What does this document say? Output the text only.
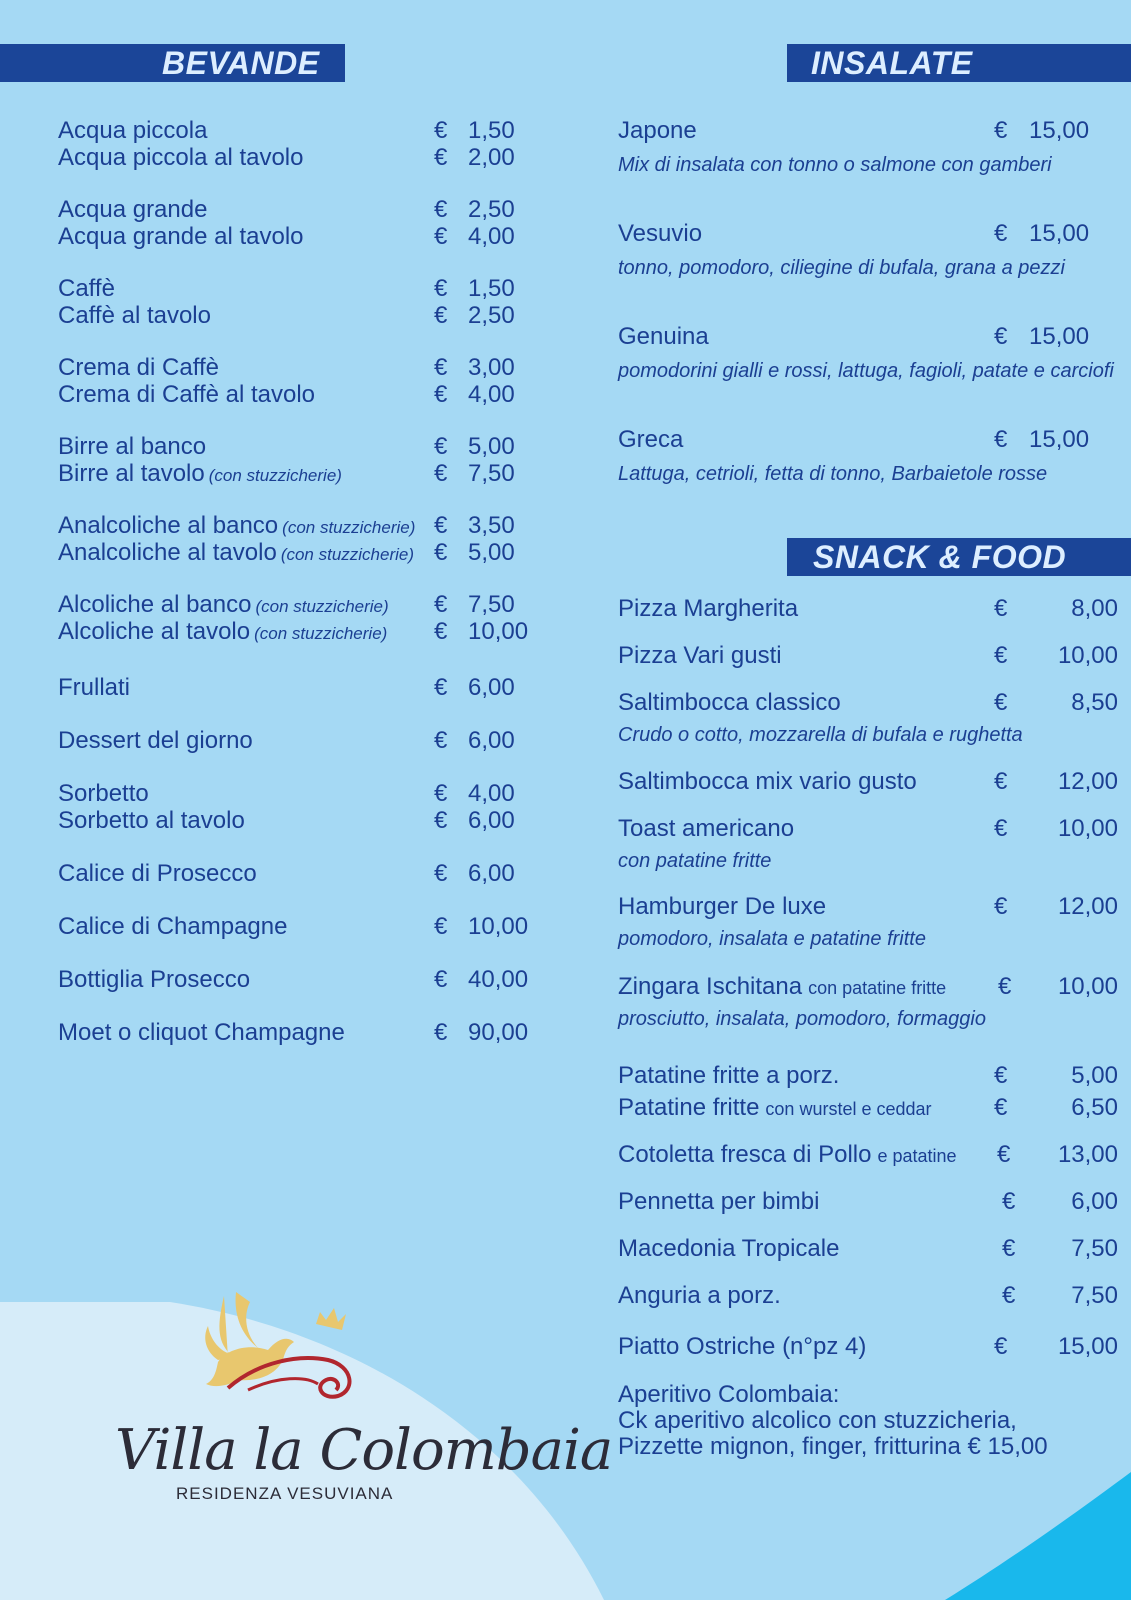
BEVANDE	INSALATE
SNACK & FOOD
Acqua piccola	€ 1,50
Acqua piccola al tavolo	€ 2,00
Acqua grande	€ 2,50
Acqua grande al tavolo	€ 4,00
Caffè	€ 1,50
Caffè al tavolo	€ 2,50
Crema di Caffè	€ 3,00
Crema di Caffè al tavolo	€ 4,00
Birre al banco	€ 5,00
Birre al tavolo (con stuzzicherie)	€ 7,50
Analcoliche al banco (con stuzzicherie) € 3,50
Analcoliche al tavolo (con stuzzicherie) € 5,00
Alcoliche al banco (con stuzzicherie) € 7,50
Alcoliche al tavolo (con stuzzicherie) € 10,00
Frullati	€ 6,00
Dessert del giorno	€ 6,00
Sorbetto	€ 4,00
Sorbetto al tavolo	€ 6,00
Calice di Prosecco	€ 6,00
Calice di Champagne	€ 10,00
Bottiglia Prosecco	€ 40,00
Moet o cliquot Champagne	€ 90,00
Japone	€ 15,00
Mix di insalata con tonno o salmone con gamberi
Vesuvio	€ 15,00
tonno, pomodoro, ciliegine di bufala, grana a pezzi
Genuina	€ 15,00
pomodorini gialli e rossi, lattuga, fagioli, patate e carciofi
Greca	€ 15,00
Lattuga, cetrioli, fetta di tonno, Barbaietole rosse
Pizza Margherita	€	8,00
Pizza Vari gusti	€	10,00
Saltimbocca classico	€	8,50
Crudo o cotto, mozzarella di bufala e rughetta
Saltimbocca mix vario gusto	€	12,00
Toast americano	€	10,00
con patatine fritte
Hamburger De luxe	€	12,00
pomodoro, insalata e patatine fritte
Zingara Ischitana con patatine fritte €	10,00
prosciutto, insalata, pomodoro, formaggio
Patatine fritte a porz.	€	5,00
Patatine fritte con wurstel e ceddar	€	6,50
Cotoletta fresca di Pollo e patatine €	13,00
Pennetta per bimbi	€	6,00
Macedonia Tropicale	€	7,50
Anguria a porz.	€	7,50
Piatto Ostriche (n°pz 4)	€	15,00
Aperitivo Colombaia:
Ck aperitivo alcolico con stuzzicheria,
Pizzette mignon, finger, fritturina € 15,00
Villa la Colombaia
RESIDENZA VESUVIANA
